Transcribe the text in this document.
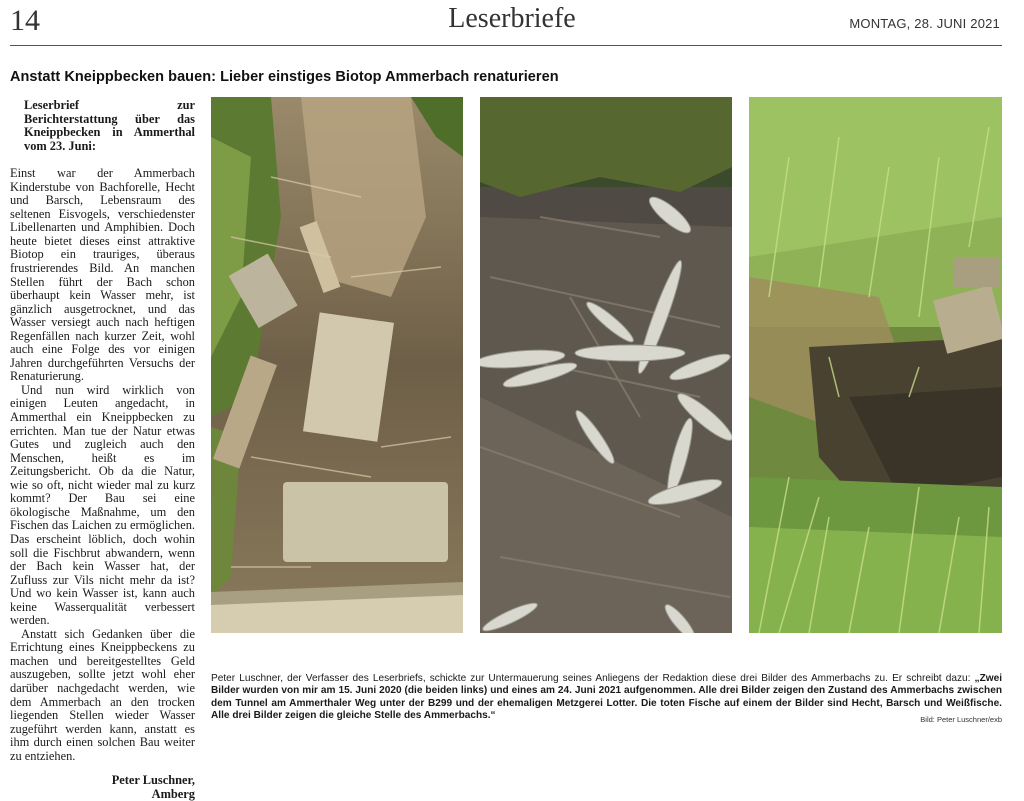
14	Leserbriefe	MONTAG, 28. JUNI 2021
Anstatt Kneippbecken bauen: Lieber einstiges Biotop Ammerbach renaturieren
Leserbrief zur Berichterstattung über das Kneippbecken in Ammerthal vom 23. Juni:

Einst war der Ammerbach Kinderstube von Bachforelle, Hecht und Barsch, Lebensraum des seltenen Eisvogels, verschiedenster Libellenarten und Amphibien. Doch heute bietet dieses einst attraktive Biotop ein trauriges, überaus frustrierendes Bild. An manchen Stellen führt der Bach schon überhaupt kein Wasser mehr, ist gänzlich ausgetrocknet, und das Wasser versiegt auch nach heftigen Regenfällen nach kurzer Zeit, wohl auch eine Folge des vor einigen Jahren durchgeführten Versuchs der Renaturierung.

Und nun wird wirklich von einigen Leuten angedacht, in Ammerthal ein Kneippbecken zu errichten. Man tue der Natur etwas Gutes und zugleich auch den Menschen, heißt es im Zeitungsbericht. Ob da die Natur, wie so oft, nicht wieder mal zu kurz kommt? Der Bau sei eine ökologische Maßnahme, um den Fischen das Laichen zu ermöglichen. Das erscheint löblich, doch wohin soll die Fischbrut abwandern, wenn der Bach kein Wasser hat, der Zufluss zur Vils nicht mehr da ist? Und wo kein Wasser ist, kann auch keine Wasserqualität verbessert werden.

Anstatt sich Gedanken über die Errichtung eines Kneippbeckens zu machen und bereitgestelltes Geld auszugeben, sollte jetzt wohl eher darüber nachgedacht werden, wie dem Ammerbach an den trocken liegenden Stellen wieder Wasser zugeführt werden kann, anstatt es ihm durch einen solchen Bau weiter zu entziehen.

Peter Luschner,
Amberg
Peter Luschner, der Verfasser des Leserbriefs, schickte zur Untermauerung seines Anliegens der Redaktion diese drei Bilder des Ammerbachs zu. Er schreibt dazu: „Zwei Bilder wurden von mir am 15. Juni 2020 (die beiden links) und eines am 24. Juni 2021 aufgenommen. Alle drei Bilder zeigen den Zustand des Ammerbachs zwischen dem Tunnel am Ammerthaler Weg unter der B299 und der ehemaligen Metzgerei Lotter. Die toten Fische auf einem der Bilder sind Hecht, Barsch und Weißfische. Alle drei Bilder zeigen die gleiche Stelle des Ammerbachs.“	Bild: Peter Luschner/exb
